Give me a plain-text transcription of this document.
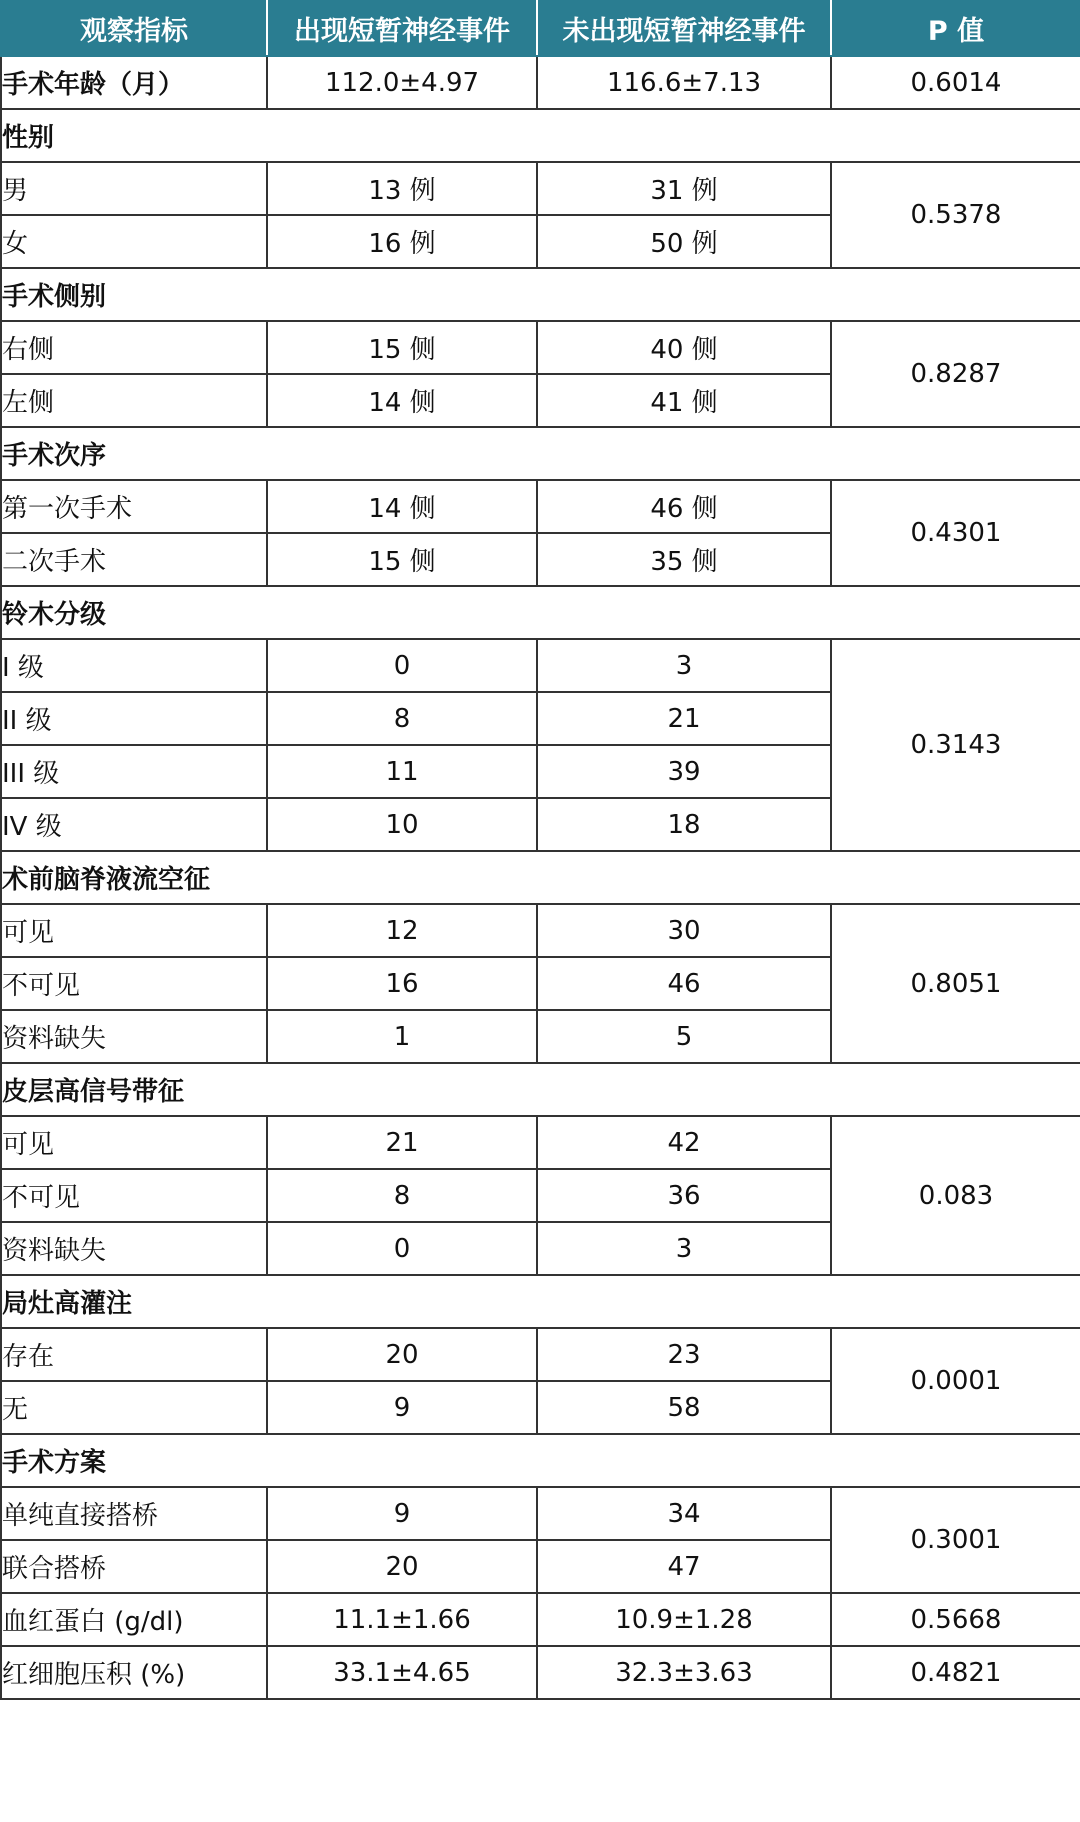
观察指标	出现短暂神经事件	未出现短暂神经事件	P 值
手术年龄（月）	112.0±4.97	116.6±7.13	0.6014
性别			
男	13 例	31 例	0.5378
女	16 例	50 例	
手术侧别			
右侧	15 侧	40 侧	0.8287
左侧	14 侧	41 侧	
手术次序			
第一次手术	14 侧	46 侧	0.4301
二次手术	15 侧	35 侧	
铃木分级			
I 级	0	3	0.3143
II 级	8	21	
III 级	11	39	
IV 级	10	18	
术前脑脊液流空征			
可见	12	30	0.8051
不可见	16	46	
资料缺失	1	5	
皮层高信号带征			
可见	21	42	0.083
不可见	8	36	
资料缺失	0	3	
局灶高灌注			
存在	20	23	0.0001
无	9	58	
手术方案			
单纯直接搭桥	9	34	0.3001
联合搭桥	20	47	
血红蛋白 (g/dl)	11.1±1.66	10.9±1.28	0.5668
红细胞压积 (%)	33.1±4.65	32.3±3.63	0.4821
